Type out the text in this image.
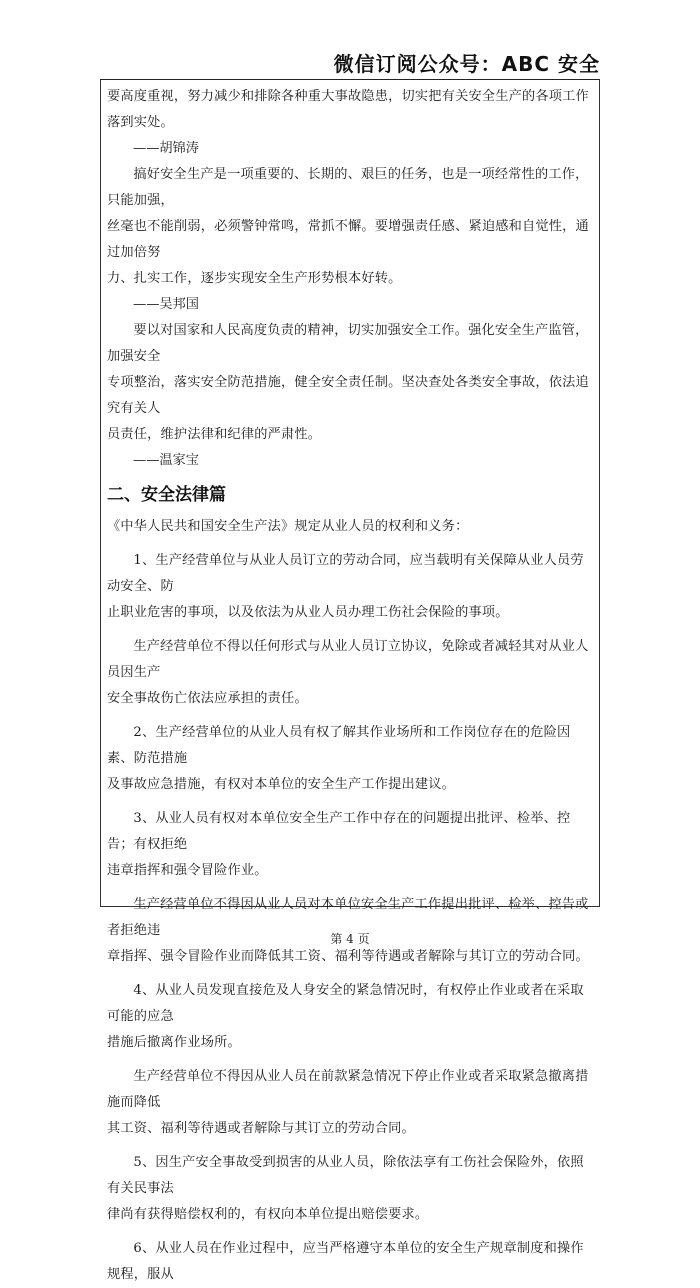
微信订阅公众号：ABC 安全

要高度重视，努力减少和排除各种重大事故隐患，切实把有关安全生产的各项工作落到实处。

——胡锦涛

搞好安全生产是一项重要的、长期的、艰巨的任务，也是一项经常性的工作，只能加强，
丝毫也不能削弱，必须警钟常鸣，常抓不懈。要增强责任感、紧迫感和自觉性，通过加倍努
力、扎实工作，逐步实现安全生产形势根本好转。

——吴邦国

要以对国家和人民高度负责的精神，切实加强安全工作。强化安全生产监管，加强安全
专项整治，落实安全防范措施，健全安全责任制。坚决查处各类安全事故，依法追究有关人
员责任，维护法律和纪律的严肃性。

——温家宝

二、安全法律篇

《中华人民共和国安全生产法》规定从业人员的权利和义务：

1、生产经营单位与从业人员订立的劳动合同，应当载明有关保障从业人员劳动安全、防
止职业危害的事项，以及依法为从业人员办理工伤社会保险的事项。

生产经营单位不得以任何形式与从业人员订立协议，免除或者减轻其对从业人员因生产
安全事故伤亡依法应承担的责任。

2、生产经营单位的从业人员有权了解其作业场所和工作岗位存在的危险因素、防范措施
及事故应急措施，有权对本单位的安全生产工作提出建议。

3、从业人员有权对本单位安全生产工作中存在的问题提出批评、检举、控告；有权拒绝
违章指挥和强令冒险作业。

生产经营单位不得因从业人员对本单位安全生产工作提出批评、检举、控告或者拒绝违
章指挥、强令冒险作业而降低其工资、福利等待遇或者解除与其订立的劳动合同。

4、从业人员发现直接危及人身安全的紧急情况时，有权停止作业或者在采取可能的应急
措施后撤离作业场所。

生产经营单位不得因从业人员在前款紧急情况下停止作业或者采取紧急撤离措施而降低
其工资、福利等待遇或者解除与其订立的劳动合同。

5、因生产安全事故受到损害的从业人员，除依法享有工伤社会保险外，依照有关民事法
律尚有获得赔偿权利的，有权向本单位提出赔偿要求。

6、从业人员在作业过程中，应当严格遵守本单位的安全生产规章制度和操作规程，服从

第 4 页
